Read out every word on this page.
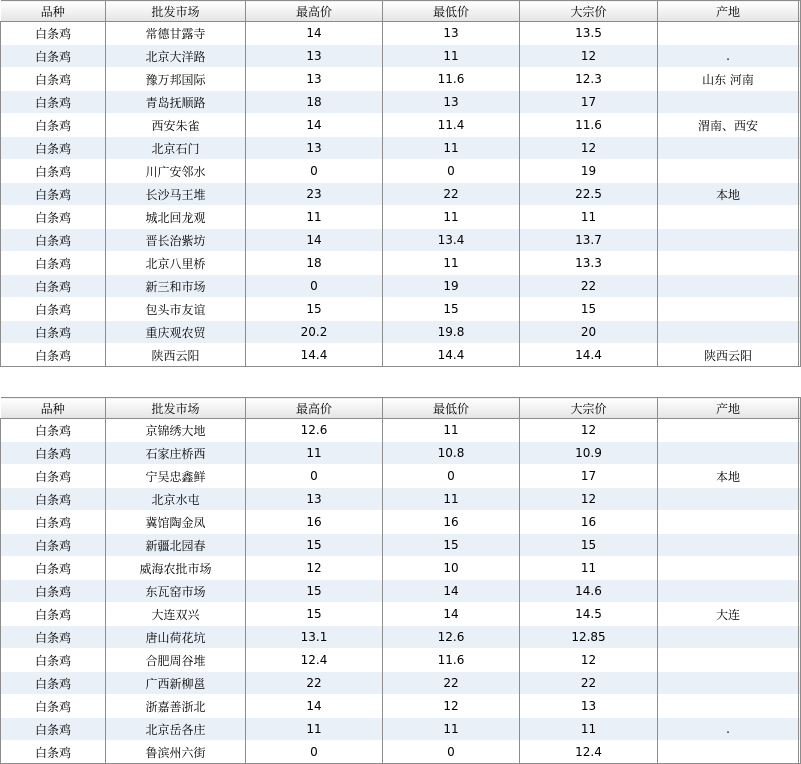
品种	批发市场	最高价	最低价	大宗价	产地	
白条鸡	常德甘露寺	14	13	13.5		
白条鸡	北京大洋路	13	11	12	.	
白条鸡	豫万邦国际	13	11.6	12.3	山东 河南	
白条鸡	青岛抚顺路	18	13	17		
白条鸡	西安朱雀	14	11.4	11.6	渭南、西安	
白条鸡	北京石门	13	11	12		
白条鸡	川广安邻水	0	0	19		
白条鸡	长沙马王堆	23	22	22.5	本地	
白条鸡	城北回龙观	11	11	11		
白条鸡	晋长治紫坊	14	13.4	13.7		
白条鸡	北京八里桥	18	11	13.3		
白条鸡	新三和市场	0	19	22		
白条鸡	包头市友谊	15	15	15		
白条鸡	重庆观农贸	20.2	19.8	20		
白条鸡	陕西云阳	14.4	14.4	14.4	陕西云阳	
品种	批发市场	最高价	最低价	大宗价	产地	
白条鸡	京锦绣大地	12.6	11	12		
白条鸡	石家庄桥西	11	10.8	10.9		
白条鸡	宁吴忠鑫鲜	0	0	17	本地	
白条鸡	北京水屯	13	11	12		
白条鸡	冀馆陶金凤	16	16	16		
白条鸡	新疆北园春	15	15	15		
白条鸡	威海农批市场	12	10	11		
白条鸡	东瓦窑市场	15	14	14.6		
白条鸡	大连双兴	15	14	14.5	大连	
白条鸡	唐山荷花坑	13.1	12.6	12.85		
白条鸡	合肥周谷堆	12.4	11.6	12		
白条鸡	广西新柳邕	22	22	22		
白条鸡	浙嘉善浙北	14	12	13		
白条鸡	北京岳各庄	11	11	11	.	
白条鸡	鲁滨州六街	0	0	12.4		
